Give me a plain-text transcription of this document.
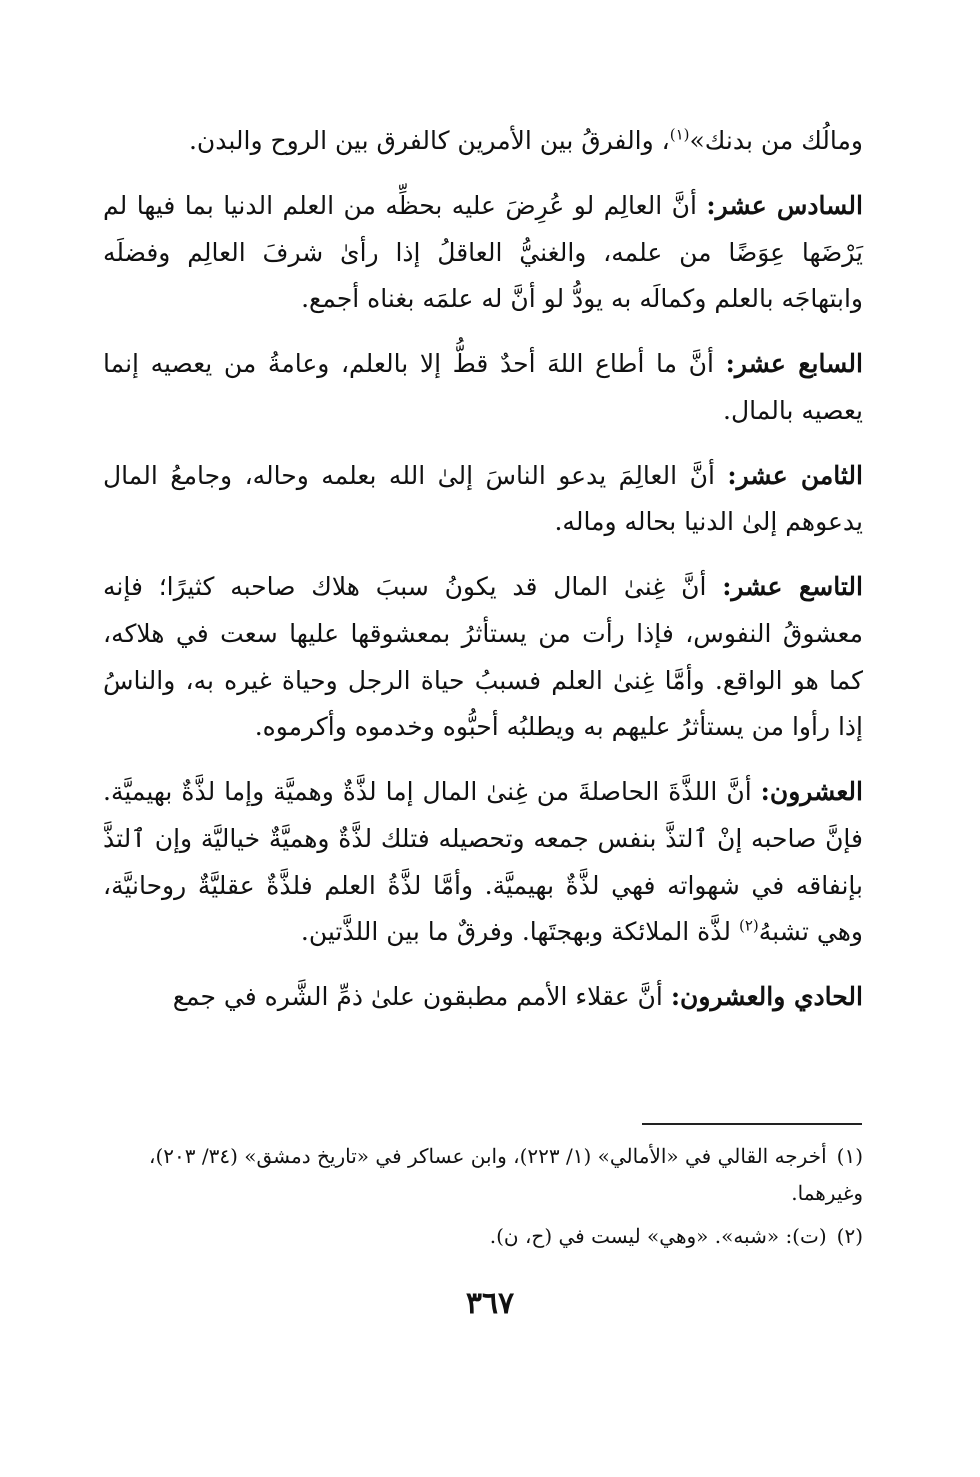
ومالُك من بدنك»$^{(١)}$، والفرقُ بين الأمرين كالفرق بين الروح والبدن.

السادس عشر: أنَّ العالِم لو عُرِضَ عليه بحظِّه من العلم الدنيا بما فيها لم يَرْضَها عِوَضًا من علمه، والغنيُّ العاقلُ إذا رأىٰ شرفَ العالِم وفضلَه وابتهاجَه بالعلم وكمالَه به يودُّ لو أنَّ له علمَه بغناه أجمع.

السابع عشر: أنَّ ما أطاع اللهَ أحدٌ قطُّ إلا بالعلم، وعامةُ من يعصيه إنما يعصيه بالمال.

الثامن عشر: أنَّ العالِمَ يدعو الناسَ إلىٰ الله بعلمه وحاله، وجامعُ المال يدعوهم إلىٰ الدنيا بحاله وماله.

التاسع عشر: أنَّ غِنىٰ المال قد يكونُ سببَ هلاك صاحبه كثيرًا؛ فإنه معشوقُ النفوس، فإذا رأت من يستأثرُ بمعشوقها عليها سعت في هلاكه، كما هو الواقع. وأمَّا غِنىٰ العلم فسببُ حياة الرجل وحياة غيره به، والناسُ إذا رأوا من يستأثرُ عليهم به ويطلبُه أحبُّوه وخدموه وأكرموه.

العشرون: أنَّ اللذَّةَ الحاصلةَ من غِنىٰ المال إما لذَّةٌ وهميَّة وإما لذَّةٌ بهيميَّة. فإنَّ صاحبه إنْ ٱلتذَّ بنفس جمعه وتحصيله فتلك لذَّةٌ وهميَّةٌ خياليَّة وإن ٱلتذَّ بإنفاقه في شهواته فهي لذَّةٌ بهيميَّة. وأمَّا لذَّةُ العلم فلذَّةٌ عقليَّةٌ روحانيَّة، وهي تشبهُ$^{(٢)}$ لذَّة الملائكة وبهجتَها. وفرقٌ ما بين اللذَّتين.

الحادي والعشرون: أنَّ عقلاء الأمم مطبقون علىٰ ذمِّ الشَّره في جمع

(١)أخرجه القالي في «الأمالي» (١/ ٢٢٣)، وابن عساكر في «تاريخ دمشق» (٣٤/ ٢٠٣)، وغيرهما.

(٢)(ت): «شبه». «وهي» ليست في (ح، ن).

٣٦٧
